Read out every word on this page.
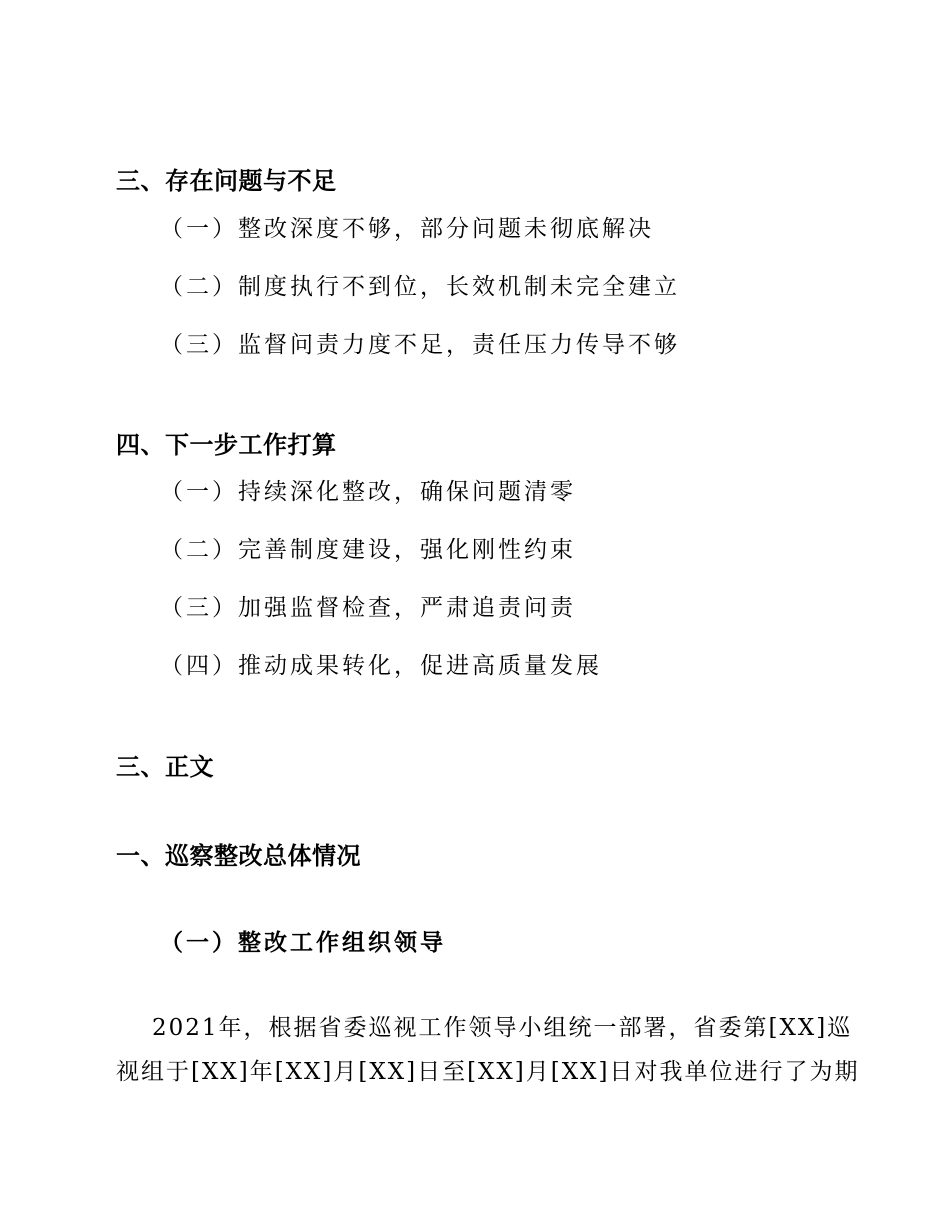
三、存在问题与不足
（一）整改深度不够，部分问题未彻底解决
（二）制度执行不到位，长效机制未完全建立
（三）监督问责力度不足，责任压力传导不够
四、下一步工作打算
（一）持续深化整改，确保问题清零
（二）完善制度建设，强化刚性约束
（三）加强监督检查，严肃追责问责
（四）推动成果转化，促进高质量发展
三、正文
一、巡察整改总体情况
（一）整改工作组织领导
2021年，根据省委巡视工作领导小组统一部署，省委第[XX]巡
视组于[XX]年[XX]月[XX]日至[XX]月[XX]日对我单位进行了为期
